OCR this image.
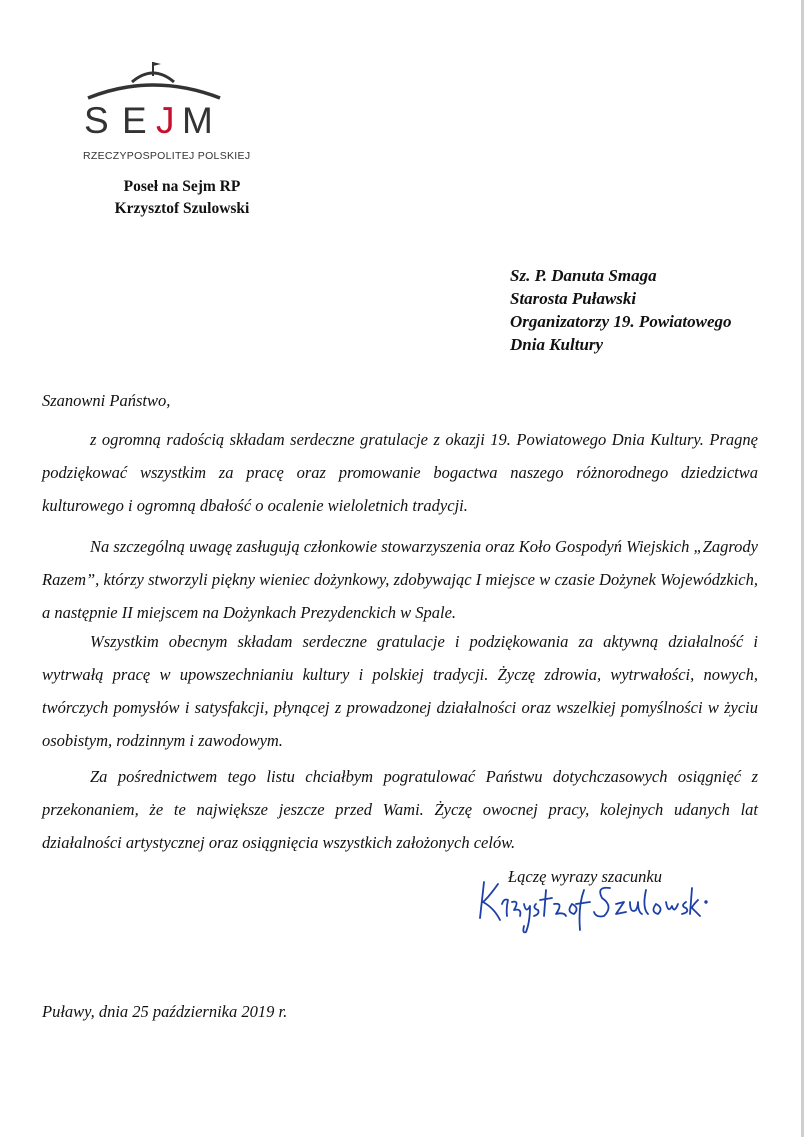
S E J M
RZECZYPOSPOLITEJ POLSKIEJ
Poseł na Sejm RP
Krzysztof Szulowski
Sz. P. Danuta Smaga
Starosta Puławski
Organizatorzy 19. Powiatowego
Dnia Kultury
Szanowni Państwo,

z ogromną radością składam serdeczne gratulacje z okazji 19. Powiatowego Dnia Kultury. Pragnę podziękować wszystkim za pracę oraz promowanie bogactwa naszego różnorodnego dziedzictwa kulturowego i ogromną dbałość o ocalenie wieloletnich tradycji.

Na szczególną uwagę zasługują członkowie stowarzyszenia oraz Koło Gospodyń Wiejskich „Zagrody Razem”, którzy stworzyli piękny wieniec dożynkowy, zdobywając I miejsce w czasie Dożynek Wojewódzkich, a następnie II miejscem na Dożynkach Prezydenckich w Spale.

Wszystkim obecnym składam serdeczne gratulacje i podziękowania za aktywną działalność i wytrwałą pracę w upowszechnianiu kultury i polskiej tradycji. Życzę zdrowia, wytrwałości, nowych, twórczych pomysłów i satysfakcji, płynącej z prowadzonej działalności oraz wszelkiej pomyślności w życiu osobistym, rodzinnym i zawodowym.

Za pośrednictwem tego listu chciałbym pogratulować Państwu dotychczasowych osiągnięć z przekonaniem, że te największe jeszcze przed Wami. Życzę owocnej pracy, kolejnych udanych lat działalności artystycznej oraz osiągnięcia wszystkich założonych celów.

Łączę wyrazy szacunku
Puławy, dnia 25 października 2019 r.
